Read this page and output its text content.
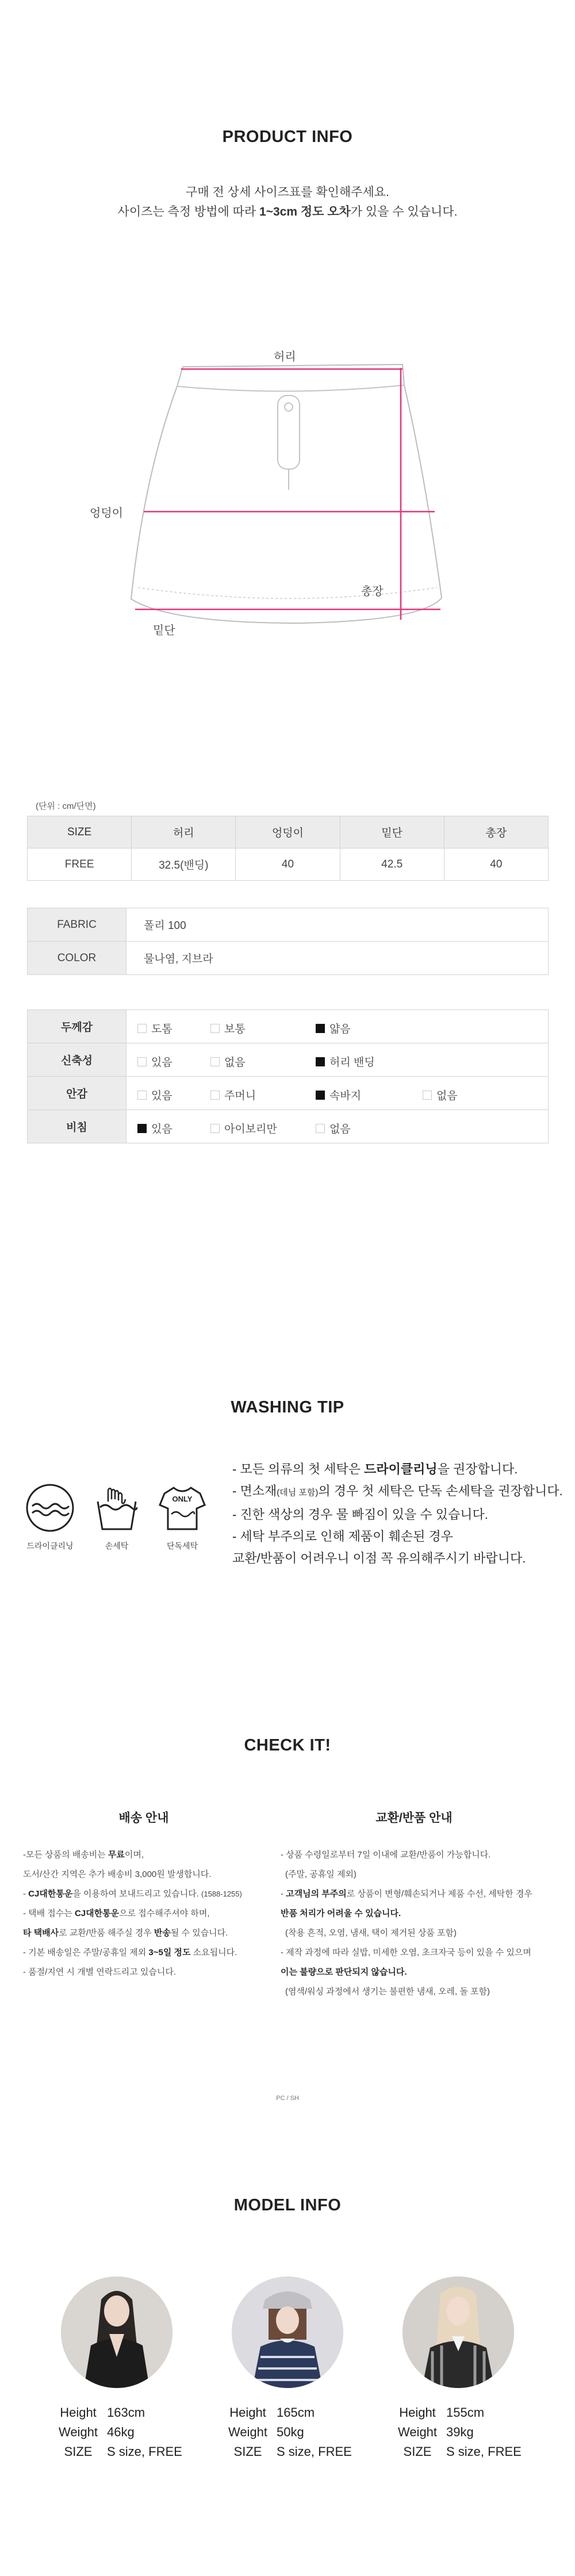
PRODUCT INFO
구매 전 상세 사이즈표를 확인해주세요.
사이즈는 측정 방법에 따라 1~3cm 정도 오차가 있을 수 있습니다.
허리
엉덩이
총장
밑단
(단위 : cm/단면)
SIZE	허리	엉덩이	밑단	총장
FREE	32.5(밴딩)	40	42.5	40
FABRIC	폴리 100
COLOR	물나염, 지브라
두께감	도톰 보통 얇음

신축성	있음 없음 허리 밴딩

안감	있음 주머니 속바지 없음

비침	있음 아이보리만 없음
WASHING TIP
드라이클리닝	손세탁
ONLY
단독세탁
- 모든 의류의 첫 세탁은 드라이클리닝을 권장합니다.
- 면소재(데님 포함)의 경우 첫 세탁은 단독 손세탁을 권장합니다.
- 진한 색상의 경우 물 빠짐이 있을 수 있습니다.
- 세탁 부주의로 인해 제품이 훼손된 경우
교환/반품이 어려우니 이점 꼭 유의해주시기 바랍니다.
CHECK IT!
배송 안내	교환/반품 안내
-모든 상품의 배송비는 무료이며,
도서/산간 지역은 추가 배송비 3,000원 발생합니다.
- CJ대한통운을 이용하여 보내드리고 있습니다. (1588-1255)
- 택배 접수는 CJ대한통운으로 접수해주셔야 하며,
타 택배사로 교환/반품 해주실 경우 반송될 수 있습니다.
- 기본 배송일은 주말/공휴일 제외 3~5일 정도 소요됩니다.
- 품절/지연 시 개별 연락드리고 있습니다.
- 상품 수령일로부터 7일 이내에 교환/반품이 가능합니다.
(주말, 공휴일 제외)
- 고객님의 부주의로 상품이 변형/훼손되거나 제품 수선, 세탁한 경우
반품 처리가 어려울 수 있습니다.
(착용 흔적, 오염, 냄새, 택이 제거된 상품 포함)
- 제작 과정에 따라 실밥, 미세한 오염, 초크자국 등이 있을 수 있으며
이는 불량으로 판단되지 않습니다.
(염색/워싱 과정에서 생기는 불편한 냄새, 오레, 돌 포함)
PC / SH
MODEL INFO
Height 163cm
Weight 46kg
SIZE S size, FREE
Height 165cm
Weight 50kg
SIZE S size, FREE
Height 155cm
Weight 39kg
SIZE S size, FREE
